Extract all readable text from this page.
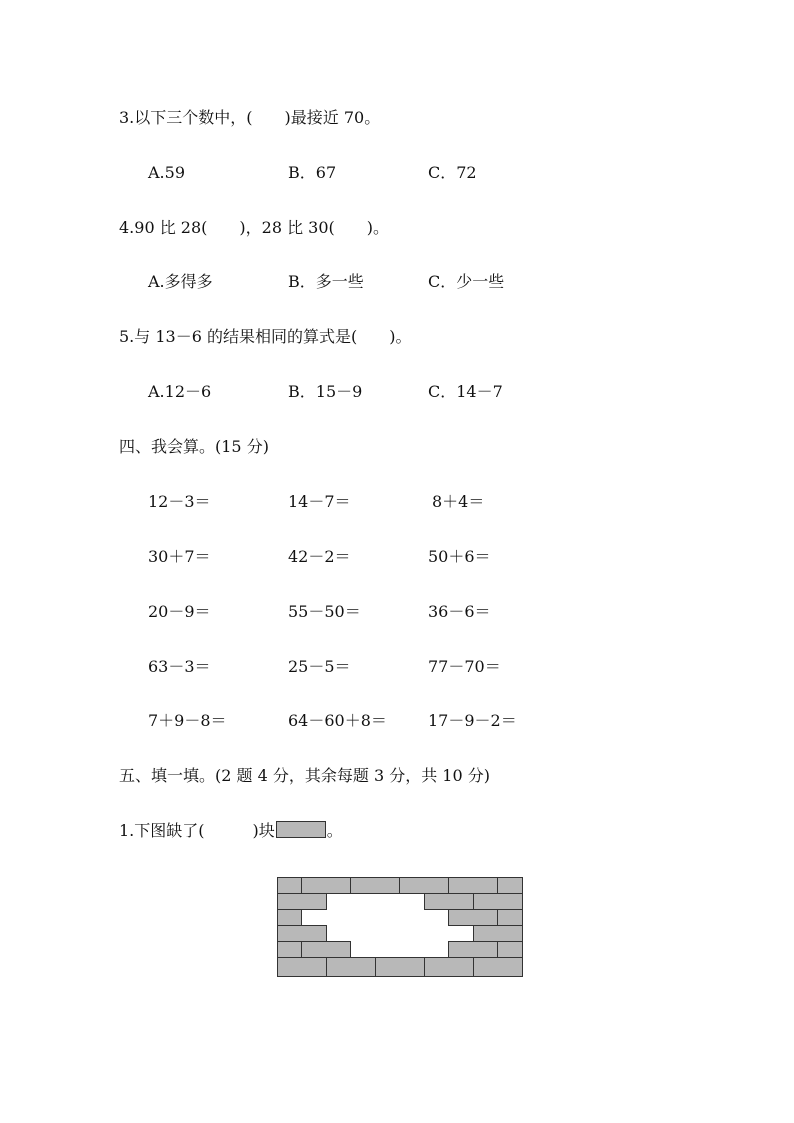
3.以下三个数中，(　　)最接近 70。
A.59	B．67	C．72
4.90 比 28(　　)，28 比 30(　　)。
A.多得多	B．多一些	C．少一些
5.与 13－6 的结果相同的算式是(　　)。
A.12－6	B．15－9	C．14－7
四、我会算。(15 分)
12－3＝	14－7＝	8＋4＝
30＋7＝	42－2＝	50＋6＝
20－9＝	55－50＝	36－6＝
63－3＝	25－5＝	77－70＝
7＋9－8＝	64－60＋8＝	17－9－2＝
五、填一填。(2 题 4 分，其余每题 3 分，共 10 分)
1.下图缺了(　　　)块	。
